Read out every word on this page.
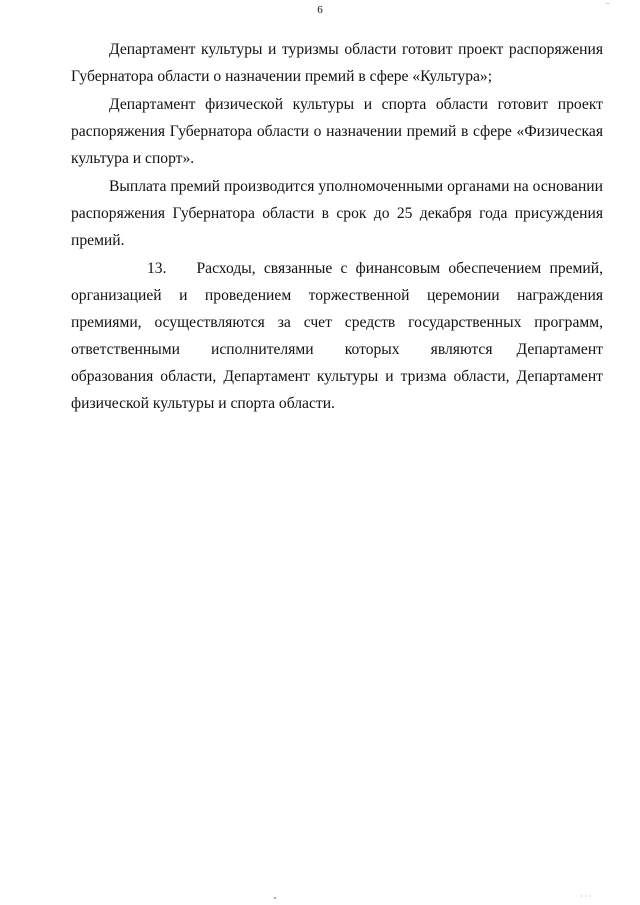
⁻
6

Департамент культуры и туризмы области готовит проект распоряжения Губернатора области о назначении премий в сфере «Культура»;

Департамент физической культуры и спорта области готовит проект распоряжения Губернатора области о назначении премий в сфере «Физическая культура и спорт».

Выплата премий производится уполномоченными органами на основании распоряжения Губернатора области в срок до 25 декабря года присуждения премий.

13. Расходы, связанные с финансовым обеспечением премий, организацией и проведением торжественной церемонии награждения премиями, осуществляются за счет средств государственных программ, ответственными исполнителями которых являются Департамент образования области, Департамент культуры и тризма области, Департамент физической культуры и спорта области.

· · ·
